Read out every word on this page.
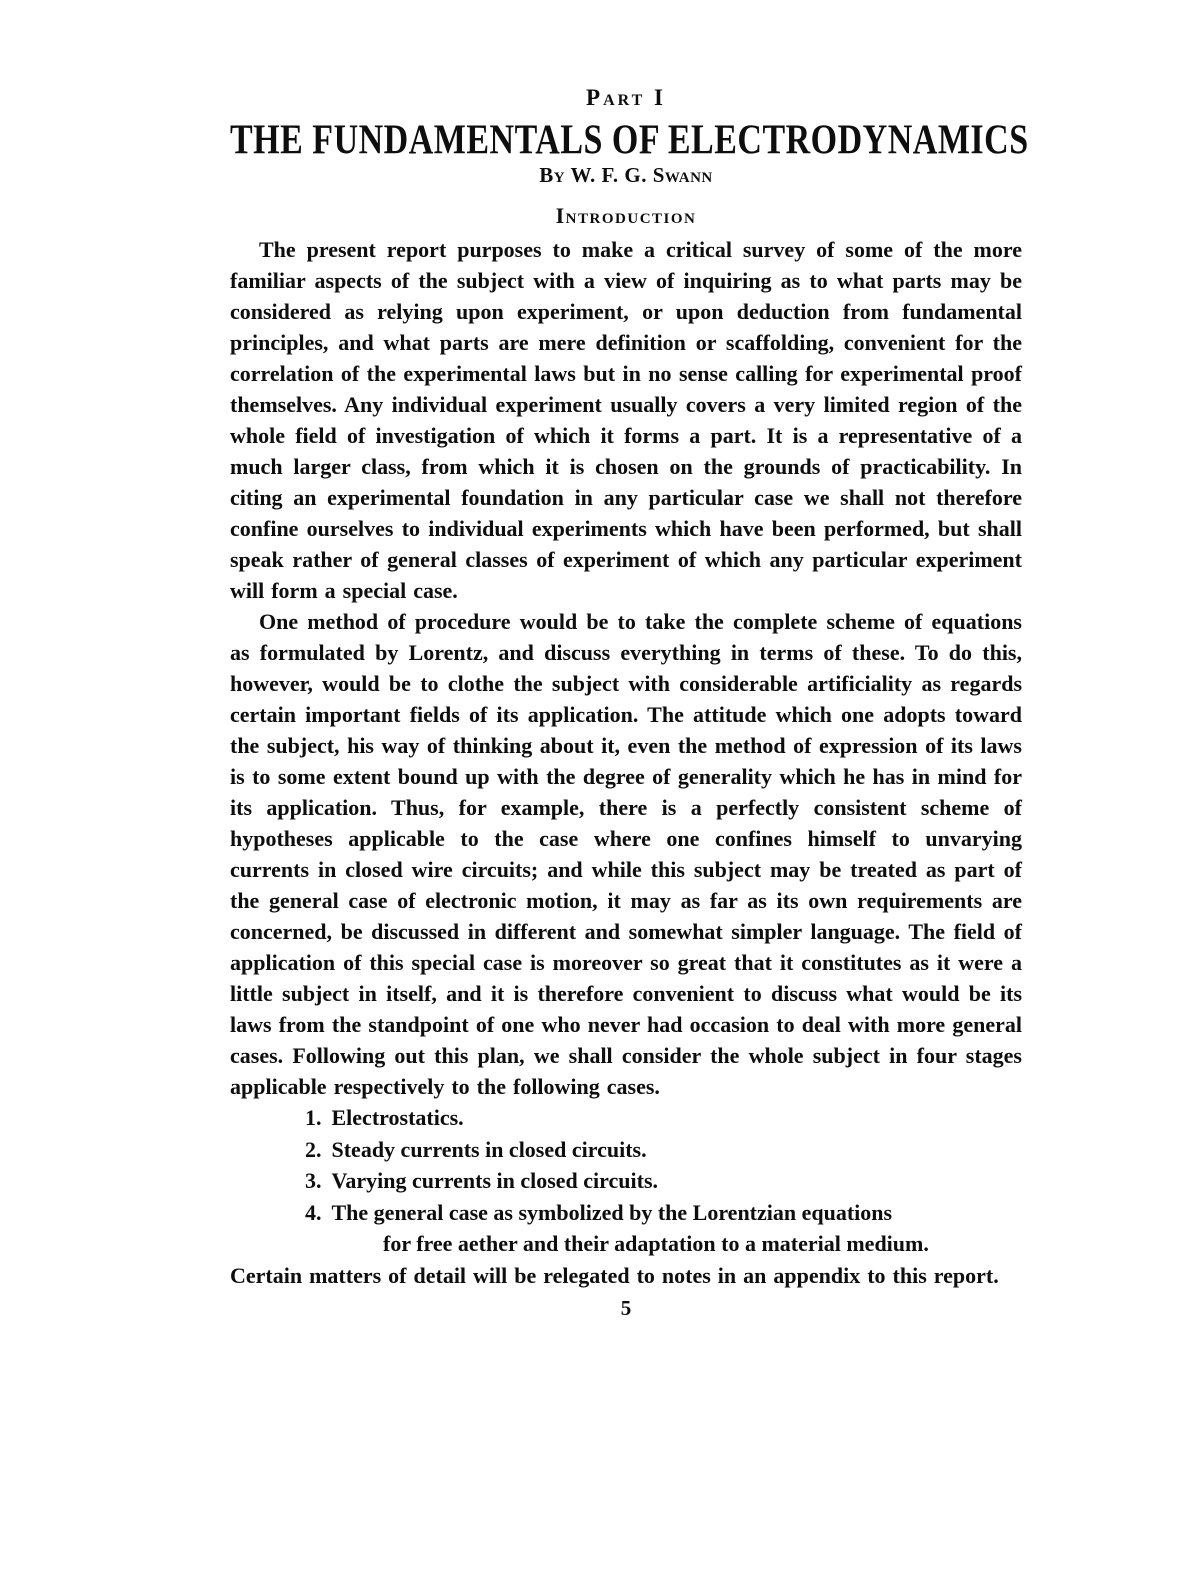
Part I
THE FUNDAMENTALS OF ELECTRODYNAMICS
By W. F. G. Swann
Introduction

The present report purposes to make a critical survey of some of the more familiar aspects of the subject with a view of inquiring as to what parts may be considered as relying upon experiment, or upon deduction from fundamental principles, and what parts are mere definition or scaffolding, convenient for the correlation of the experimental laws but in no sense calling for experimental proof themselves. Any individual experiment usually covers a very limited region of the whole field of investigation of which it forms a part. It is a representative of a much larger class, from which it is chosen on the grounds of practicability. In citing an experimental foundation in any particular case we shall not therefore confine ourselves to individual experiments which have been performed, but shall speak rather of general classes of experiment of which any particular experiment will form a special case.

One method of procedure would be to take the complete scheme of equations as formulated by Lorentz, and discuss everything in terms of these. To do this, however, would be to clothe the subject with considerable artificiality as regards certain important fields of its application. The attitude which one adopts toward the subject, his way of thinking about it, even the method of expression of its laws is to some extent bound up with the degree of generality which he has in mind for its application. Thus, for example, there is a perfectly consistent scheme of hypotheses applicable to the case where one confines himself to unvarying currents in closed wire circuits; and while this subject may be treated as part of the general case of electronic motion, it may as far as its own requirements are concerned, be discussed in different and somewhat simpler language. The field of application of this special case is moreover so great that it constitutes as it were a little subject in itself, and it is therefore convenient to discuss what would be its laws from the standpoint of one who never had occasion to deal with more general cases. Following out this plan, we shall consider the whole subject in four stages applicable respectively to the following cases.

1. Electrostatics.
2. Steady currents in closed circuits.
3. Varying currents in closed circuits.
4. The general case as symbolized by the Lorentzian equations
for free aether and their adaptation to a material medium.

Certain matters of detail will be relegated to notes in an appendix to this report.

5
